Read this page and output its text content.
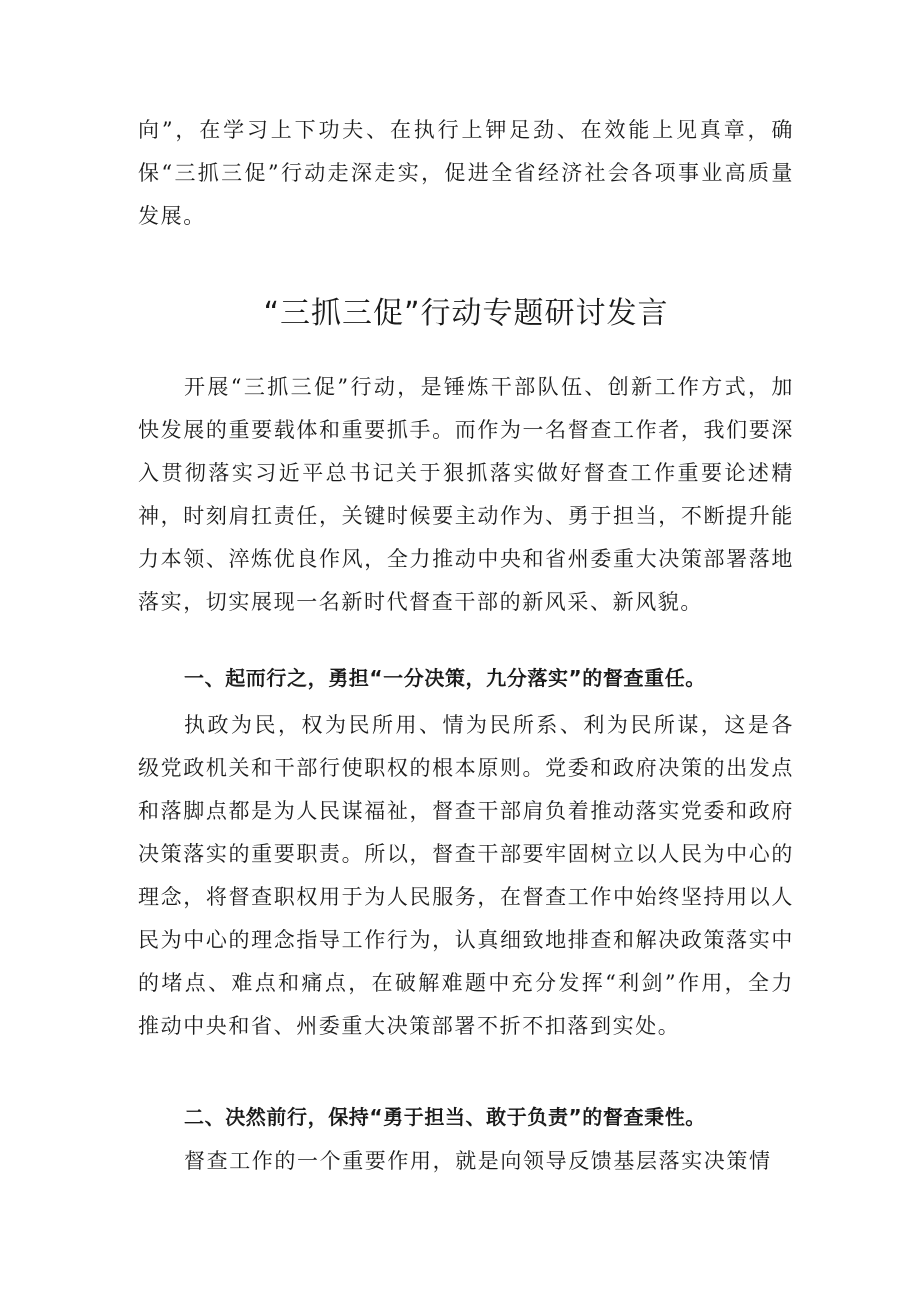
向”，在学习上下功夫、在执行上钾足劲、在效能上见真章，确保“三抓三促”行动走深走实，促进全省经济社会各项事业高质量发展。

“三抓三促”行动专题研讨发言

开展“三抓三促”行动，是锤炼干部队伍、创新工作方式，加快发展的重要载体和重要抓手。而作为一名督查工作者，我们要深入贯彻落实习近平总书记关于狠抓落实做好督查工作重要论述精神，时刻肩扛责任，关键时候要主动作为、勇于担当，不断提升能力本领、淬炼优良作风，全力推动中央和省州委重大决策部署落地落实，切实展现一名新时代督查干部的新风采、新风貌。

一、起而行之，勇担“一分决策，九分落实”的督查重任。

执政为民，权为民所用、情为民所系、利为民所谋，这是各级党政机关和干部行使职权的根本原则。党委和政府决策的出发点和落脚点都是为人民谋福祉，督查干部肩负着推动落实党委和政府决策落实的重要职责。所以，督查干部要牢固树立以人民为中心的理念，将督查职权用于为人民服务，在督查工作中始终坚持用以人民为中心的理念指导工作行为，认真细致地排查和解决政策落实中的堵点、难点和痛点，在破解难题中充分发挥“利剑”作用，全力推动中央和省、州委重大决策部署不折不扣落到实处。

二、决然前行，保持“勇于担当、敢于负责”的督查秉性。

督查工作的一个重要作用，就是向领导反馈基层落实决策情
